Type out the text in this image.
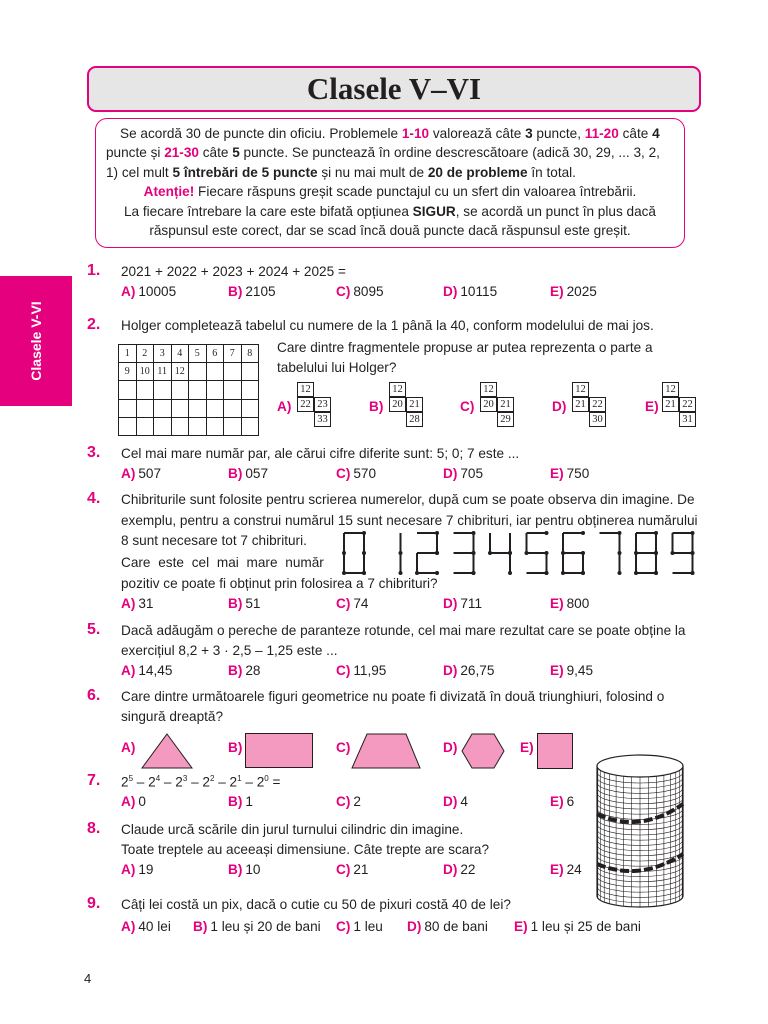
Clasele V–VI
Se acordă 30 de puncte din oficiu. Problemele 1-10 valorează câte 3 puncte, 11-20 câte 4 puncte și 21-30 câte 5 puncte. Se punctează în ordine descrescătoare (adică 30, 29, ... 3, 2, 1) cel mult 5 întrebări de 5 puncte și nu mai mult de 20 de probleme în total.
Atenție! Fiecare răspuns greșit scade punctajul cu un sfert din valoarea întrebării.
La fiecare întrebare la care este bifată opțiunea SIGUR, se acordă un punct în plus dacă răspunsul este corect, dar se scad încă două puncte dacă răspunsul este greșit.
Clasele V-VI
1. 2021 + 2022 + 2023 + 2024 + 2025 =
A) 10005	B) 2105	C) 8095	D) 10115	E) 2025
2. Holger completează tabelul cu numere de la 1 până la 40, conform modelului de mai jos.
1	2	3	4	5	6	7	8
9	10	11	12				

Care dintre fragmentele propuse ar putea reprezenta o parte a
tabelului lui Holger?
A)
12
22 23
33
B)
12
20 21
28
C)
12
20 21
29
D)
12
21 22
30
E)
12
21 22
31
3. Cel mai mare număr par, ale cărui cifre diferite sunt: 5; 0; 7 este ...
A) 507	B) 057	C) 570	D) 705	E) 750
4. Chibriturile sunt folosite pentru scrierea numerelor, după cum se poate observa din imagine. De
exemplu, pentru a construi numărul 15 sunt necesare 7 chibrituri, iar pentru obținerea numărului
8 sunt necesare tot 7 chibrituri.
Care este cel mai mare număr
pozitiv ce poate fi obținut prin folosirea a 7 chibrituri?
A) 31	B) 51	C) 74	D) 711	E) 800
5. Dacă adăugăm o pereche de paranteze rotunde, cel mai mare rezultat care se poate obține la
exercițiul 8,2 + 3 · 2,5 – 1,25 este ...
A) 14,45	B) 28	C) 11,95	D) 26,75	E) 9,45
6. Care dintre următoarele figuri geometrice nu poate fi divizată în două triunghiuri, folosind o
singură dreaptă?
A)	B)	C)	D)	E)
7. $2^5 - 2^4 - 2^3 - 2^2 - 2^1 - 2^0$ =
A) 0	B) 1	C) 2	D) 4	E) 6
8. Claude urcă scările din jurul turnului cilindric din imagine.
Toate treptele au aceeași dimensiune. Câte trepte are scara?
A) 19	B) 10	C) 21	D) 22	E) 24
9. Câți lei costă un pix, dacă o cutie cu 50 de pixuri costă 40 de lei?
A) 40 lei B) 1 leu și 20 de bani C) 1 leu D) 80 de bani E) 1 leu și 25 de bani
4
